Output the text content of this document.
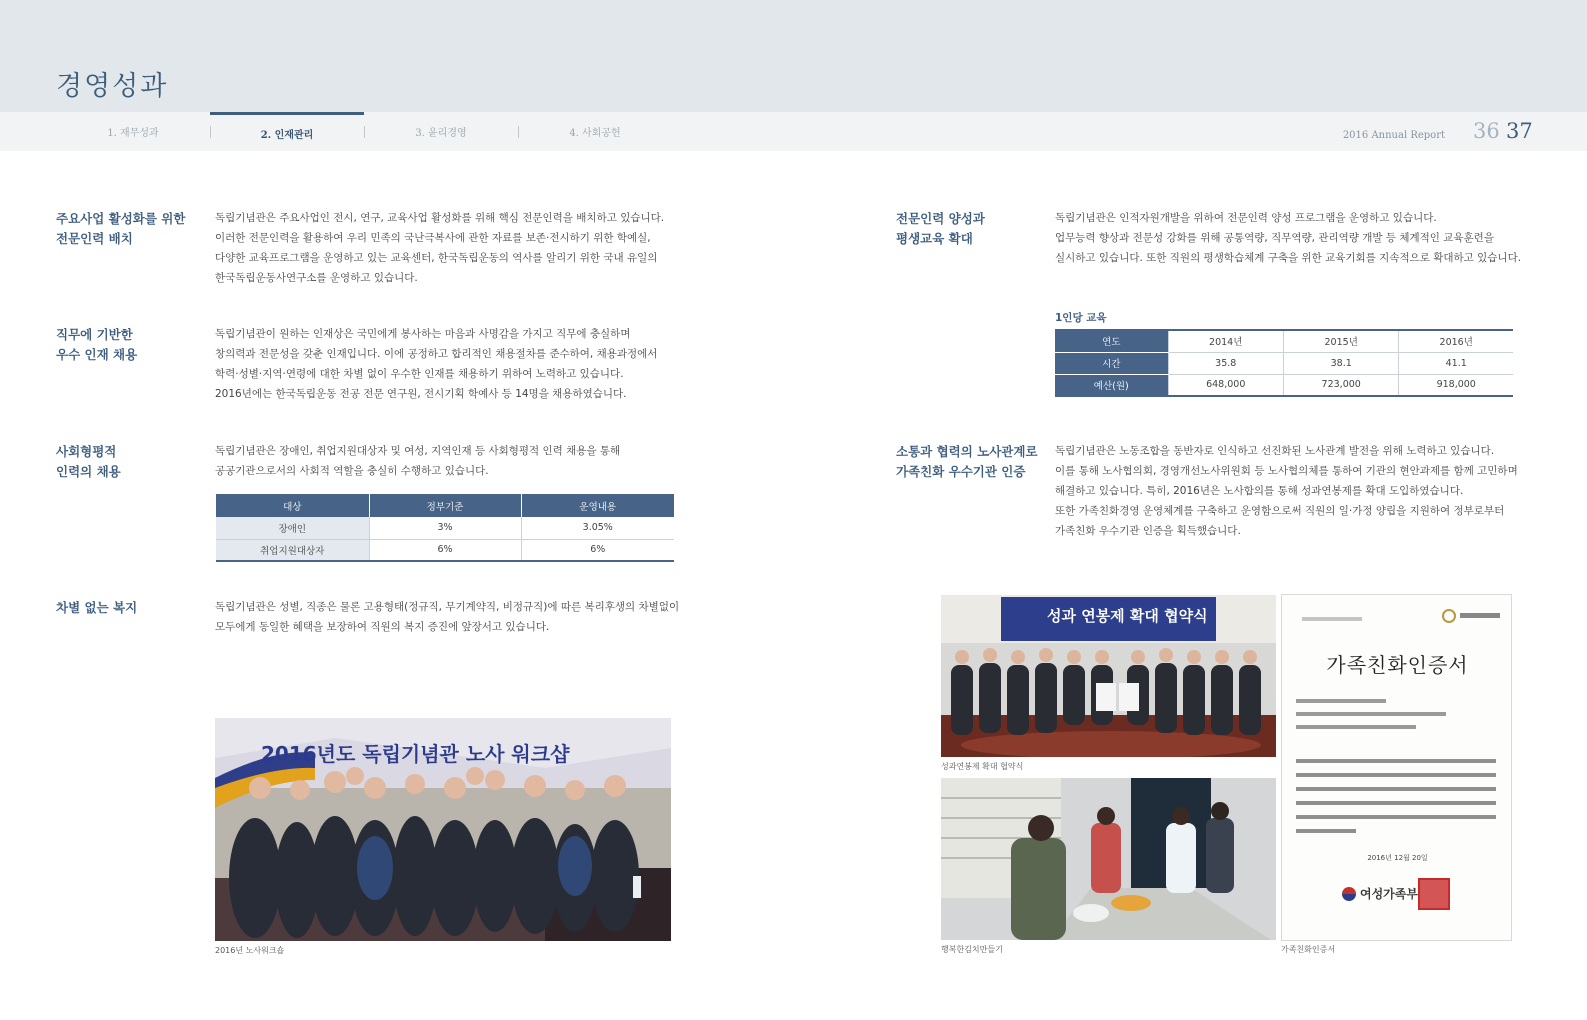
경영성과
1. 재무성과	2. 인재관리	3. 윤리경영	4. 사회공헌	2016 Annual Report 36 37
주요사업 활성화를 위한
전문인력 배치
독립기념관은 주요사업인 전시, 연구, 교육사업 활성화를 위해 핵심 전문인력을 배치하고 있습니다.
이러한 전문인력을 활용하여 우리 민족의 국난극복사에 관한 자료를 보존·전시하기 위한 학예실,
다양한 교육프로그램을 운영하고 있는 교육센터, 한국독립운동의 역사를 알리기 위한 국내 유일의
한국독립운동사연구소를 운영하고 있습니다.
직무에 기반한
우수 인재 채용
독립기념관이 원하는 인재상은 국민에게 봉사하는 마음과 사명감을 가지고 직무에 충실하며
창의력과 전문성을 갖춘 인재입니다. 이에 공정하고 합리적인 채용절차를 준수하여, 채용과정에서
학력·성별·지역·연령에 대한 차별 없이 우수한 인재를 채용하기 위하여 노력하고 있습니다.
2016년에는 한국독립운동 전공 전문 연구원, 전시기획 학예사 등 14명을 채용하였습니다.
사회형평적
인력의 채용
독립기념관은 장애인, 취업지원대상자 및 여성, 지역인재 등 사회형평적 인력 채용을 통해
공공기관으로서의 사회적 역할을 충실히 수행하고 있습니다.
대상	정부기준	운영내용
장애인	3%	3.05%
취업지원대상자	6%	6%
차별 없는 복지	독립기념관은 성별, 직종은 물론 고용형태(정규직, 무기계약직, 비정규직)에 따른 복리후생의 차별없이
모두에게 동일한 혜택을 보장하여 직원의 복지 증진에 앞장서고 있습니다.
2016년도 독립기념관 노사 워크샵
2016년 노사워크숍
전문인력 양성과
평생교육 확대
독립기념관은 인적자원개발을 위하여 전문인력 양성 프로그램을 운영하고 있습니다.
업무능력 향상과 전문성 강화를 위해 공통역량, 직무역량, 관리역량 개발 등 체계적인 교육훈련을
실시하고 있습니다. 또한 직원의 평생학습체계 구축을 위한 교육기회를 지속적으로 확대하고 있습니다.
1인당 교육
연도	2014년	2015년	2016년
시간	35.8	38.1	41.1
예산(원)	648,000	723,000	918,000
소통과 협력의 노사관계로
가족친화 우수기관 인증
독립기념관은 노동조합을 동반자로 인식하고 선진화된 노사관계 발전을 위해 노력하고 있습니다.
이를 통해 노사협의회, 경영개선노사위원회 등 노사협의체를 통하여 기관의 현안과제를 함께 고민하며
해결하고 있습니다. 특히, 2016년은 노사합의를 통해 성과연봉제를 확대 도입하였습니다.
또한 가족친화경영 운영체계를 구축하고 운영함으로써 직원의 일·가정 양립을 지원하여 정부로부터
가족친화 우수기관 인증을 획득했습니다.
성과 연봉제 확대 협약식
성과연봉제 확대 협약식
행복한김치만들기
가족친화인증서
2016년 12월 20일
여성가족부
가족친화인증서
